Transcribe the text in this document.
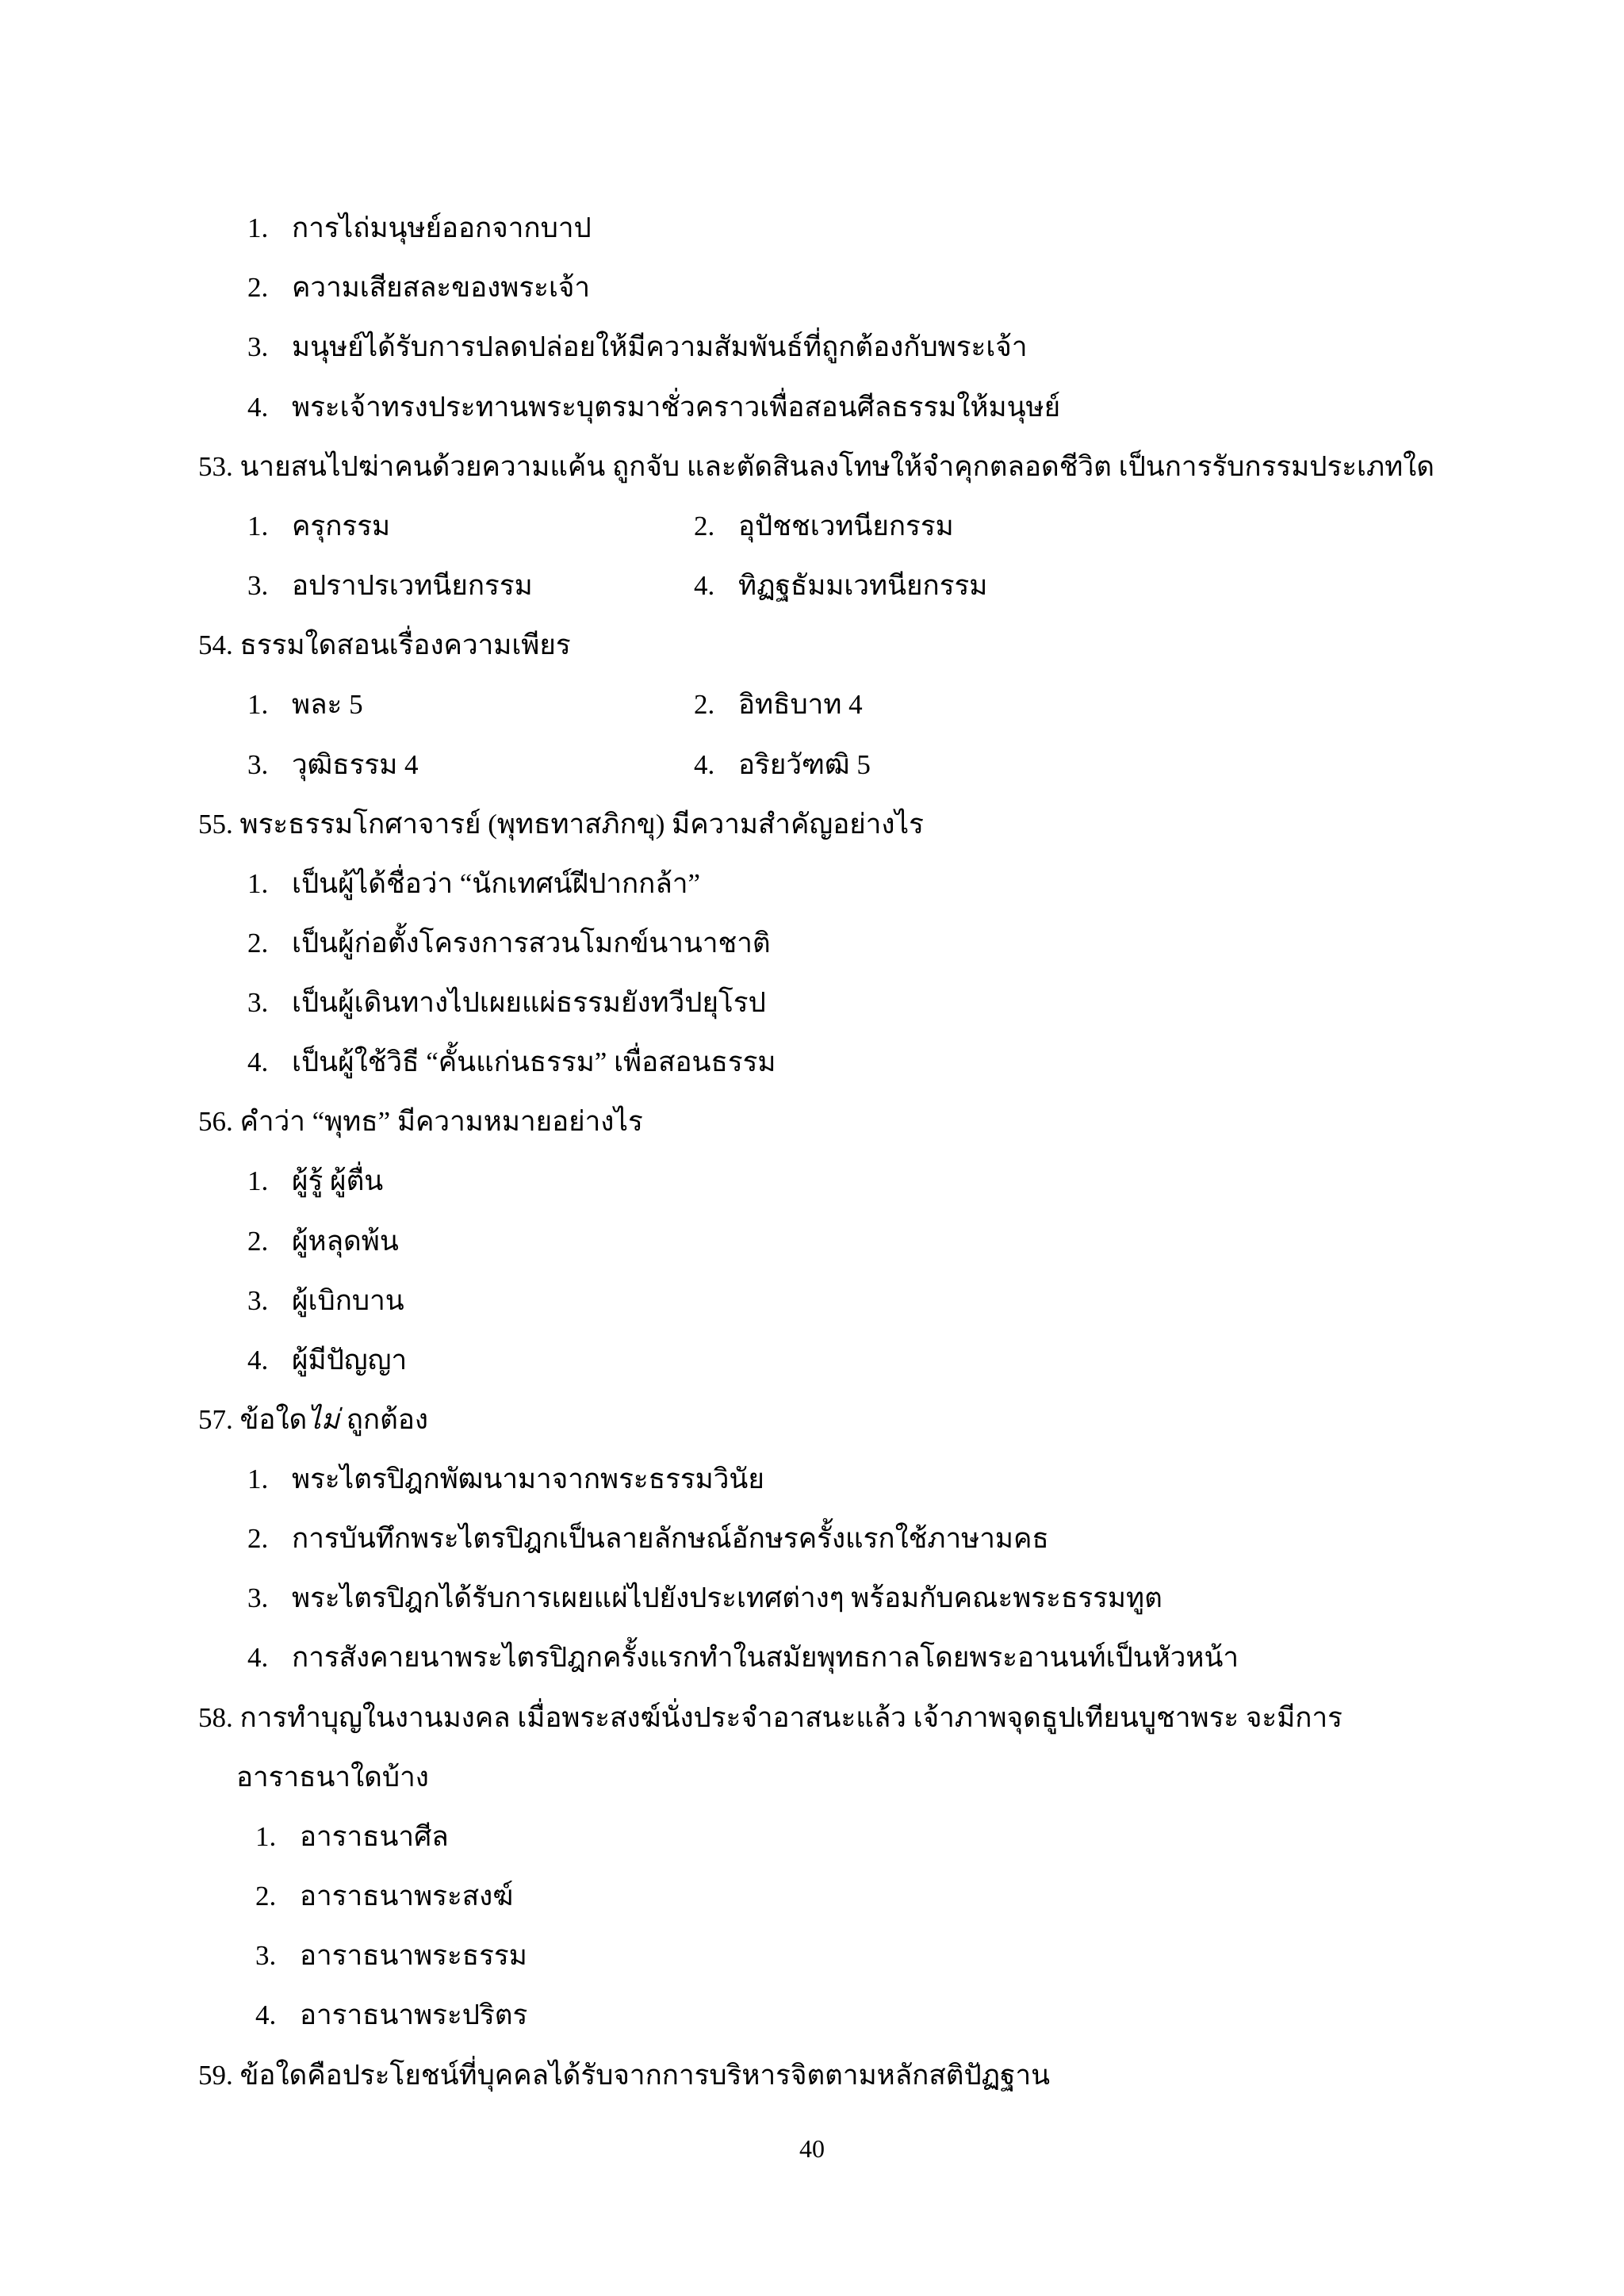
1. การไถ่มนุษย์ออกจากบาป
2. ความเสียสละของพระเจ้า
3. มนุษย์ได้รับการปลดปล่อยให้มีความสัมพันธ์ที่ถูกต้องกับพระเจ้า
4. พระเจ้าทรงประทานพระบุตรมาชั่วคราวเพื่อสอนศีลธรรมให้มนุษย์
53. นายสนไปฆ่าคนด้วยความแค้น ถูกจับ และตัดสินลงโทษให้จำคุกตลอดชีวิต เป็นการรับกรรมประเภทใด
1. ครุกรรม	2. อุปัชชเวทนียกรรม
3. อปราปรเวทนียกรรม	4. ทิฏฐธัมมเวทนียกรรม
54. ธรรมใดสอนเรื่องความเพียร
1. พละ 5	2. อิทธิบาท 4
3. วุฒิธรรม 4	4. อริยวัฑฒิ 5
55. พระธรรมโกศาจารย์ (พุทธทาสภิกขุ) มีความสำคัญอย่างไร
1. เป็นผู้ได้ชื่อว่า “นักเทศน์ฝีปากกล้า”
2. เป็นผู้ก่อตั้งโครงการสวนโมกข์นานาชาติ
3. เป็นผู้เดินทางไปเผยแผ่ธรรมยังทวีปยุโรป
4. เป็นผู้ใช้วิธี “คั้นแก่นธรรม” เพื่อสอนธรรม
56. คำว่า “พุทธ” มีความหมายอย่างไร
1. ผู้รู้ ผู้ตื่น
2. ผู้หลุดพ้น
3. ผู้เบิกบาน
4. ผู้มีปัญญา
57. ข้อใดไม่ ถูกต้อง
1. พระไตรปิฎกพัฒนามาจากพระธรรมวินัย
2. การบันทึกพระไตรปิฎกเป็นลายลักษณ์อักษรครั้งแรกใช้ภาษามคธ
3. พระไตรปิฎกได้รับการเผยแผ่ไปยังประเทศต่างๆ พร้อมกับคณะพระธรรมทูต
4. การสังคายนาพระไตรปิฎกครั้งแรกทำในสมัยพุทธกาลโดยพระอานนท์เป็นหัวหน้า
58. การทำบุญในงานมงคล เมื่อพระสงฆ์นั่งประจำอาสนะแล้ว เจ้าภาพจุดธูปเทียนบูชาพระ จะมีการ
อาราธนาใดบ้าง
1. อาราธนาศีล
2. อาราธนาพระสงฆ์
3. อาราธนาพระธรรม
4. อาราธนาพระปริตร
59. ข้อใดคือประโยชน์ที่บุคคลได้รับจากการบริหารจิตตามหลักสติปัฏฐาน
40
